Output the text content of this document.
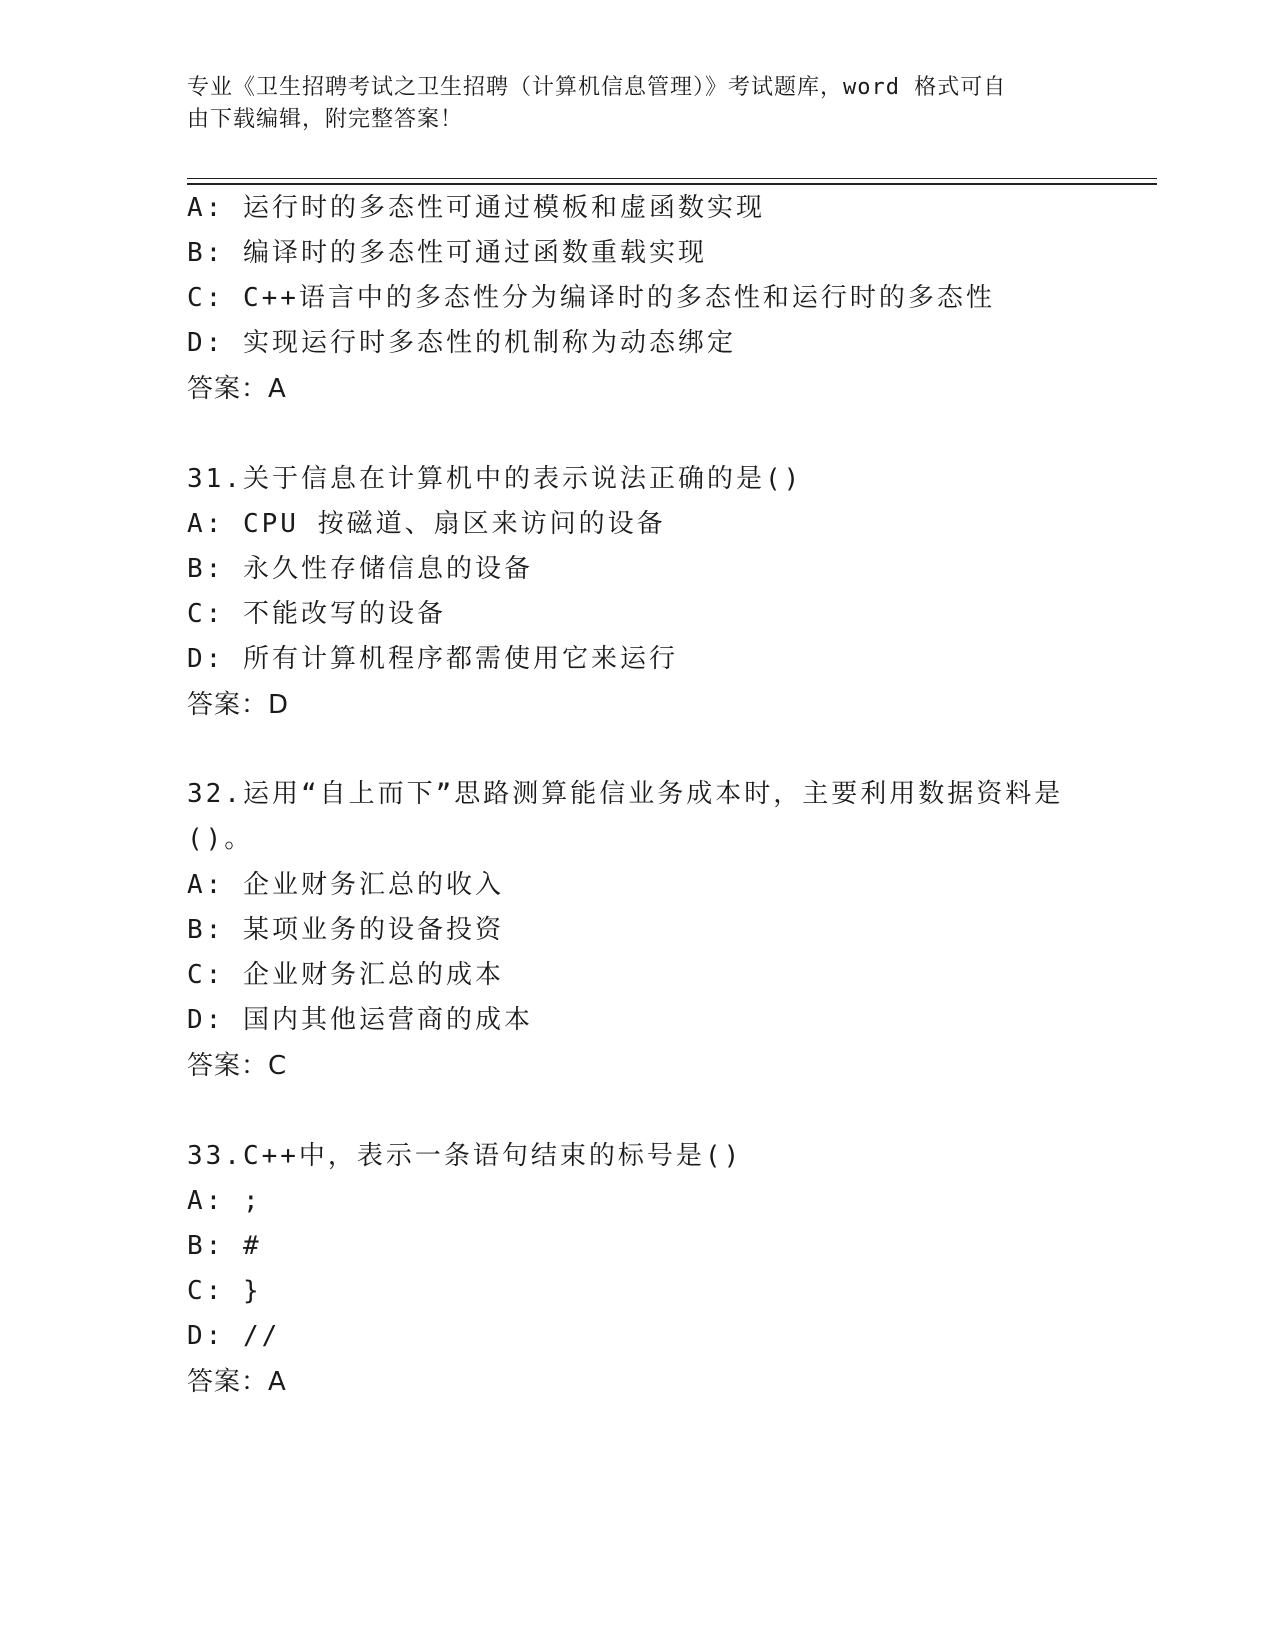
专业《卫生招聘考试之卫生招聘（计算机信息管理）》考试题库，word 格式可自
由下载编辑，附完整答案！
A: 运行时的多态性可通过模板和虚函数实现
B: 编译时的多态性可通过函数重载实现
C: C++语言中的多态性分为编译时的多态性和运行时的多态性
D: 实现运行时多态性的机制称为动态绑定
答案：A
31.关于信息在计算机中的表示说法正确的是()
A: CPU 按磁道、扇区来访问的设备
B: 永久性存储信息的设备
C: 不能改写的设备
D: 所有计算机程序都需使用它来运行
答案：D
32.运用“自上而下”思路测算能信业务成本时，主要利用数据资料是
()。
A: 企业财务汇总的收入
B: 某项业务的设备投资
C: 企业财务汇总的成本
D: 国内其他运营商的成本
答案：C
33.C++中，表示一条语句结束的标号是()
A: ;
B: #
C: }
D: //
答案：A
